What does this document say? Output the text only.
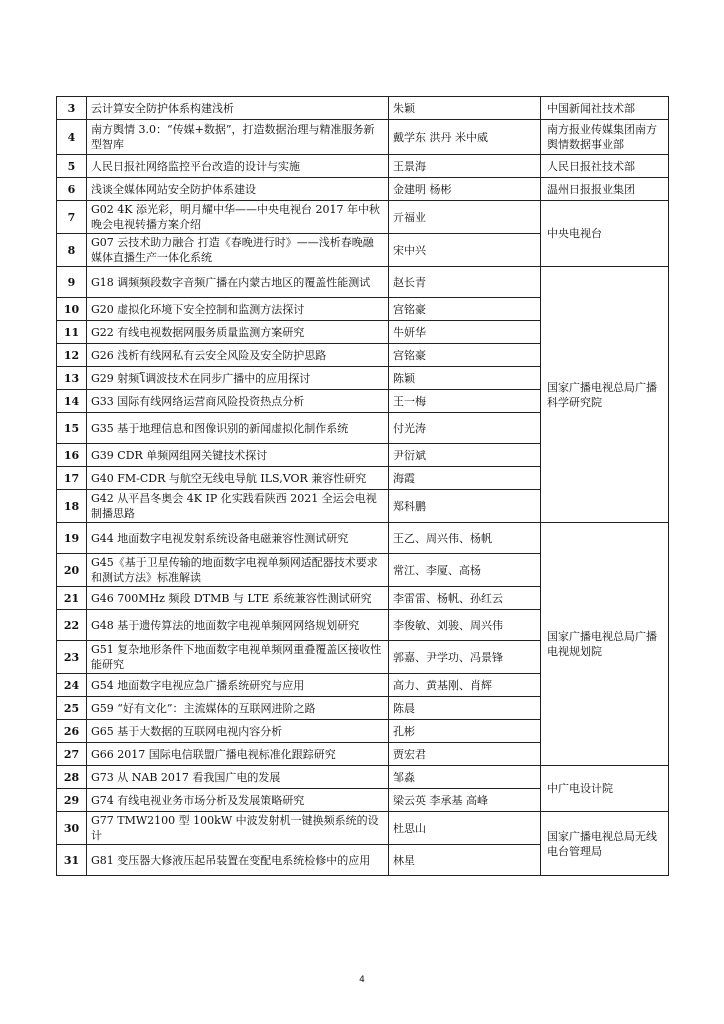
3	云计算安全防护体系构建浅析	朱颖	中国新闻社技术部
4	南方舆情 3.0：“传媒+数据”，打造数据治理与精准服务新型智库	戴学东 洪丹 米中威	南方报业传媒集团南方舆情数据事业部
5	人民日报社网络监控平台改造的设计与实施	王景海	人民日报社技术部
6	浅谈全媒体网站安全防护体系建设	金建明 杨彬	温州日报报业集团
7	G02 4K 添光彩，明月耀中华——中央电视台 2017 年中秋晚会电视转播方案介绍	亓福业	中央电视台
8	G07 云技术助力融合 打造《春晚进行时》——浅析春晚融媒体直播生产一体化系统	宋中兴	
9	G18 调频频段数字音频广播在内蒙古地区的覆盖性能测试	赵长青	国家广播电视总局广播科学研究院
10	G20 虚拟化环境下安全控制和监测方法探讨	宫铭豪	
11	G22 有线电视数据网服务质量监测方案研究	牛妍华	
12	G26 浅析有线网私有云安全风险及安全防护思路	宫铭豪	
13	G29 射频โ调波技术在同步广播中的应用探讨	陈颖	
14	G33 国际有线网络运营商风险投资热点分析	王一梅	
15	G35 基于地理信息和图像识别的新闻虚拟化制作系统	付光涛	
16	G39 CDR 单频网组网关键技术探讨	尹衍斌	
17	G40 FM-CDR 与航空无线电导航 ILS,VOR 兼容性研究	海霞	
18	G42 从平昌冬奥会 4K IP 化实践看陕西 2021 全运会电视制播思路	郑科鹏	
19	G44 地面数字电视发射系统设备电磁兼容性测试研究	王乙、周兴伟、杨帆	国家广播电视总局广播电视规划院
20	G45《基于卫星传输的地面数字电视单频网适配器技术要求和测试方法》标准解读	常江、李厦、高杨	
21	G46 700MHz 频段 DTMB 与 LTE 系统兼容性测试研究	李雷雷、杨帆、孙红云	
22	G48 基于遗传算法的地面数字电视单频网网络规划研究	李俊敏、刘骏、周兴伟	
23	G51 复杂地形条件下地面数字电视单频网重叠覆盖区接收性能研究	郭嘉、尹学功、冯景锋	
24	G54 地面数字电视应急广播系统研究与应用	高力、黄基刚、肖辉	
25	G59 “好有文化”：主流媒体的互联网进阶之路	陈晨	
26	G65 基于大数据的互联网电视内容分析	孔彬	
27	G66 2017 国际电信联盟广播电视标准化跟踪研究	贾宏君	
28	G73 从 NAB 2017 看我国广电的发展	邹淼	中广电设计院
29	G74 有线电视业务市场分析及发展策略研究	梁云英 李承基 高峰	
30	G77 TMW2100 型 100kW 中波发射机一键换频系统的设计	杜思山	国家广播电视总局无线电台管理局
31	G81 变压器大修液压起吊装置在变配电系统检修中的应用	林星	
4
